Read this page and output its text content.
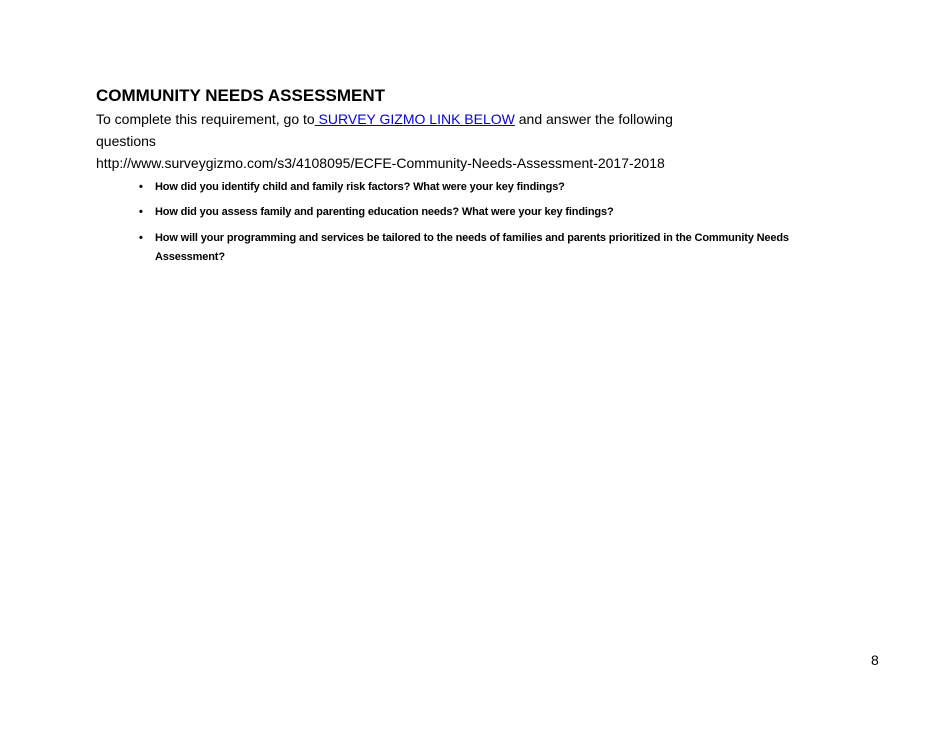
COMMUNITY NEEDS ASSESSMENT
To complete this requirement, go to SURVEY GIZMO LINK BELOW and answer the following
questions
http://www.surveygizmo.com/s3/4108095/ECFE-Community-Needs-Assessment-2017-2018
• How did you identify child and family risk factors? What were your key findings?
• How did you assess family and parenting education needs? What were your key findings?
• How will your programming and services be tailored to the needs of families and parents prioritized in the Community Needs
Assessment?
8
